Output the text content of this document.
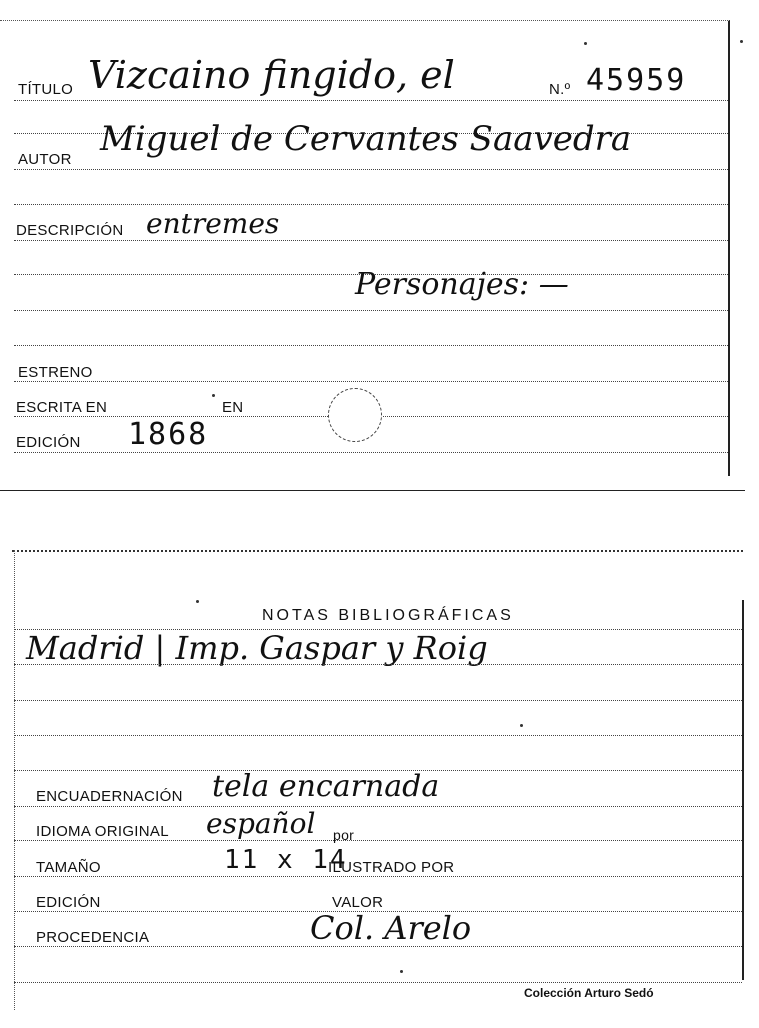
TÍTULO Vizcaino fingido, el	N.º 45959
AUTOR
Miguel de Cervantes Saavedra
DESCRIPCIÓN entremes
Personajes: —
ESTRENO
ESCRITA EN	EN
EDICIÓN 1868
NOTAS BIBLIOGRÁFICAS
Madrid | Imp. Gaspar y Roig
ENCUADERNACIÓN tela encarnada
IDIOMA ORIGINAL español por
TAMAÑO	11 x 14
ILUSTRADO POR
EDICIÓN	VALOR
PROCEDENCIA	Col. Arelo
Colección Arturo Sedó
